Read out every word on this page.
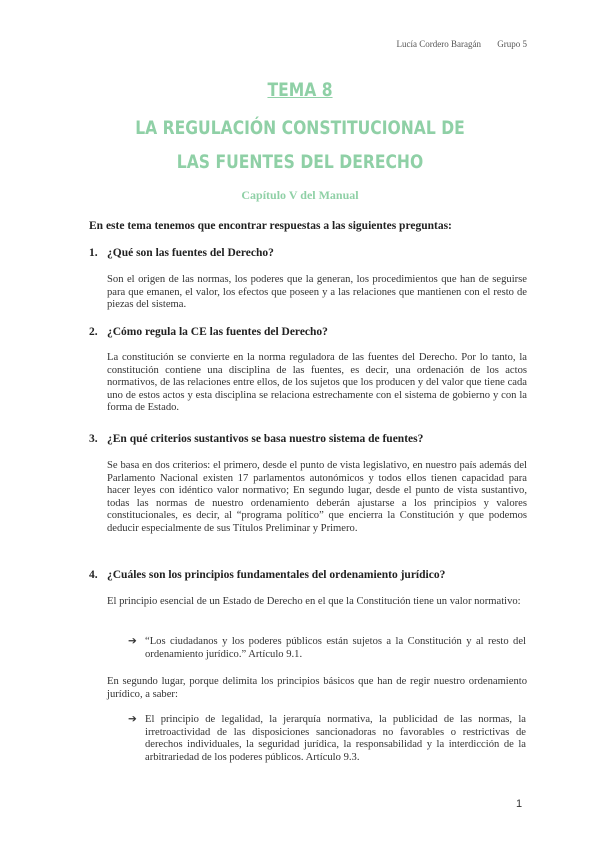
Lucía Cordero Baragán Grupo 5
TEMA 8
LA REGULACIÓN CONSTITUCIONAL DE
LAS FUENTES DEL DERECHO
Capítulo V del Manual
En este tema tenemos que encontrar respuestas a las siguientes preguntas:
1. ¿Qué son las fuentes del Derecho?
Son el origen de las normas, los poderes que la generan, los procedimientos que han de seguirse para que emanen, el valor, los efectos que poseen y a las relaciones que mantienen con el resto de piezas del sistema.
2. ¿Cómo regula la CE las fuentes del Derecho?
La constitución se convierte en la norma reguladora de las fuentes del Derecho. Por lo tanto, la constitución contiene una disciplina de las fuentes, es decir, una ordenación de los actos normativos, de las relaciones entre ellos, de los sujetos que los producen y del valor que tiene cada uno de estos actos y esta disciplina se relaciona estrechamente con el sistema de gobierno y con la forma de Estado.
3. ¿En qué criterios sustantivos se basa nuestro sistema de fuentes?
Se basa en dos criterios: el primero, desde el punto de vista legislativo, en nuestro país además del Parlamento Nacional existen 17 parlamentos autonómicos y todos ellos tienen capacidad para hacer leyes con idéntico valor normativo; En segundo lugar, desde el punto de vista sustantivo, todas las normas de nuestro ordenamiento deberán ajustarse a los principios y valores constitucionales, es decir, al “programa político” que encierra la Constitución y que podemos deducir especialmente de sus Títulos Preliminar y Primero.
4. ¿Cuáles son los principios fundamentales del ordenamiento jurídico?
El principio esencial de un Estado de Derecho en el que la Constitución tiene un valor normativo:
➔ “Los ciudadanos y los poderes públicos están sujetos a la Constitución y al resto del ordenamiento jurídico.” Artículo 9.1.
En segundo lugar, porque delimita los principios básicos que han de regir nuestro ordenamiento jurídico, a saber:
➔ El principio de legalidad, la jerarquía normativa, la publicidad de las normas, la irretroactividad de las disposiciones sancionadoras no favorables o restrictivas de derechos individuales, la seguridad jurídica, la responsabilidad y la interdicción de la arbitrariedad de los poderes públicos. Artículo 9.3.
1
